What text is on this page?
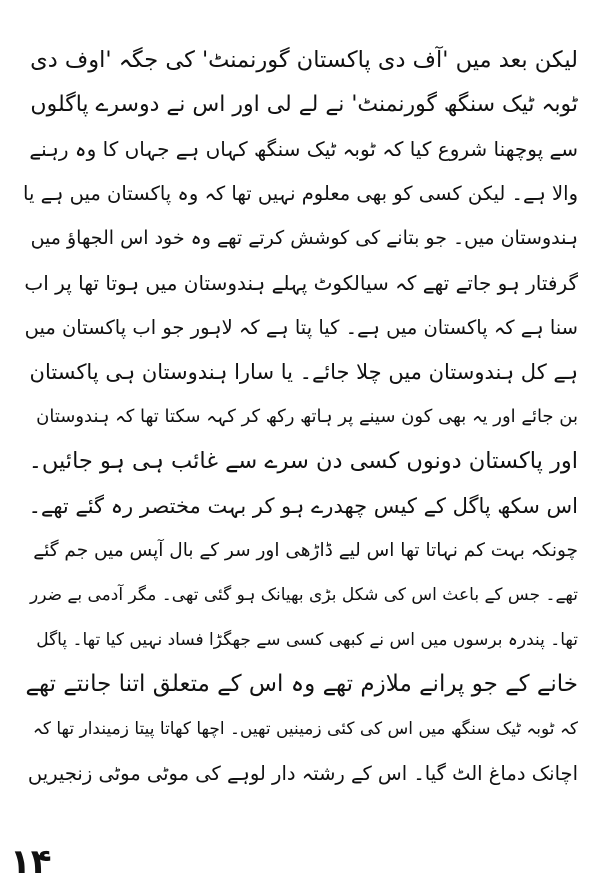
لیکن بعد میں 'آف دی پاکستان گورنمنٹ' کی جگہ 'اوف دی
ٹوبہ ٹیک سنگھ گورنمنٹ' نے لے لی اور اس نے دوسرے پاگلوں
سے پوچھنا شروع کیا کہ ٹوبہ ٹیک سنگھ کہاں ہے جہاں کا وہ رہنے
والا ہے۔ لیکن کسی کو بھی معلوم نہیں تھا کہ وہ پاکستان میں ہے یا
ہندوستان میں۔ جو بتانے کی کوشش کرتے تھے وہ خود اس الجھاؤ میں
گرفتار ہو جاتے تھے کہ سیالکوٹ پہلے ہندوستان میں ہوتا تھا پر اب
سنا ہے کہ پاکستان میں ہے۔ کیا پتا ہے کہ لاہور جو اب پاکستان میں
ہے کل ہندوستان میں چلا جائے۔ یا سارا ہندوستان ہی پاکستان
بن جائے اور یہ بھی کون سینے پر ہاتھ رکھ کر کہہ سکتا تھا کہ ہندوستان
اور پاکستان دونوں کسی دن سرے سے غائب ہی ہو جائیں۔
اس سکھ پاگل کے کیس چھدرے ہو کر بہت مختصر رہ گئے تھے۔
چونکہ بہت کم نہاتا تھا اس لیے ڈاڑھی اور سر کے بال آپس میں جم گئے
تھے۔ جس کے باعث اس کی شکل بڑی بھیانک ہو گئی تھی۔ مگر آدمی بے ضرر
تھا۔ پندرہ برسوں میں اس نے کبھی کسی سے جھگڑا فساد نہیں کیا تھا۔ پاگل
خانے کے جو پرانے ملازم تھے وہ اس کے متعلق اتنا جانتے تھے
کہ ٹوبہ ٹیک سنگھ میں اس کی کئی زمینیں تھیں۔ اچھا کھاتا پیتا زمیندار تھا کہ
اچانک دماغ الٹ گیا۔ اس کے رشتہ دار لوہے کی موٹی موٹی زنجیریں
۱۴
